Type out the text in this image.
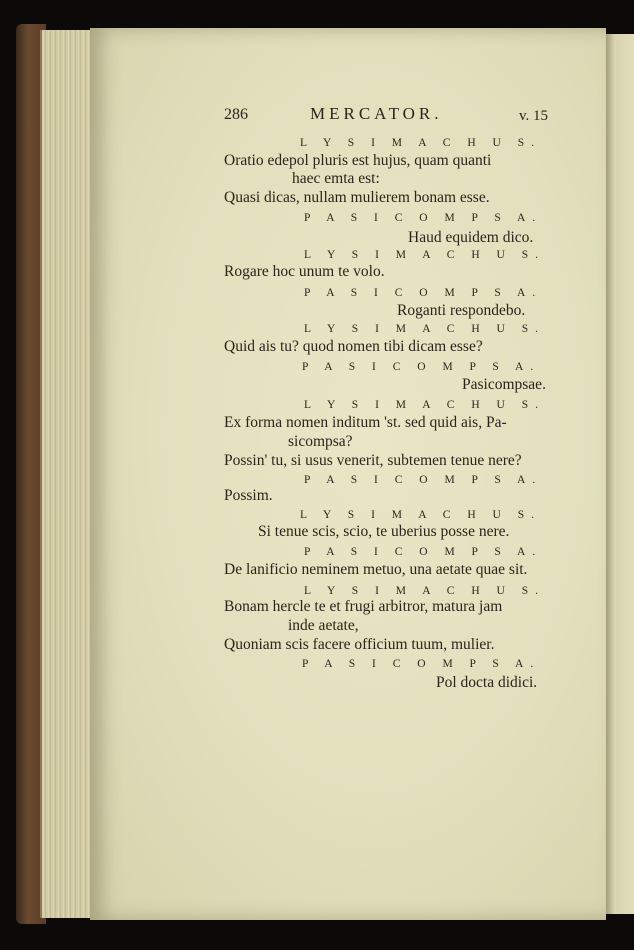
286	MERCATOR.	v. 15
L Y S I M A C H U S.
Oratio edepol pluris est hujus, quam quanti
haec emta est:
Quasi dicas, nullam mulierem bonam esse.
P A S I C O M P S A.
Haud equidem dico.
L Y S I M A C H U S.
Rogare hoc unum te volo.
P A S I C O M P S A.
Roganti respondebo.
L Y S I M A C H U S.
Quid ais tu? quod nomen tibi dicam esse?
P A S I C O M P S A.
Pasicompsae.
L Y S I M A C H U S.
Ex forma nomen inditum 'st. sed quid ais, Pa-
sicompsa?
Possin' tu, si usus venerit, subtemen tenue nere?
P A S I C O M P S A.
Possim.
L Y S I M A C H U S.
Si tenue scis, scio, te uberius posse nere.
P A S I C O M P S A.
De lanificio neminem metuo, una aetate quae sit.
L Y S I M A C H U S.
Bonam hercle te et frugi arbitror, matura jam
inde aetate,
Quoniam scis facere officium tuum, mulier.
P A S I C O M P S A.
Pol docta didici.
